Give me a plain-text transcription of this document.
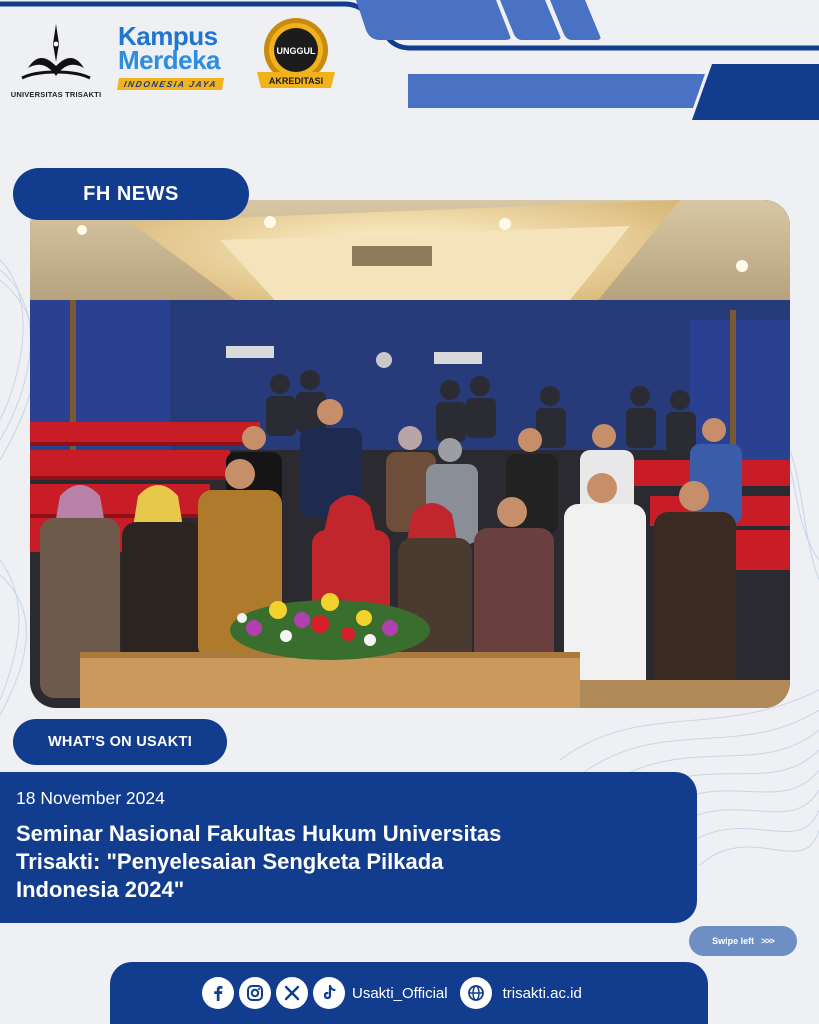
UNIVERSITAS TRISAKTI
Kampus
Merdeka
INDONESIA JAYA
UNGGUL
AKREDITASI
FH NEWS
WHAT'S ON USAKTI
18 November 2024
Seminar Nasional Fakultas Hukum Universitas
Trisakti: "Penyelesaian Sengketa Pilkada
Indonesia 2024"
Swipe left >>>
Usakti_Official	trisakti.ac.id
